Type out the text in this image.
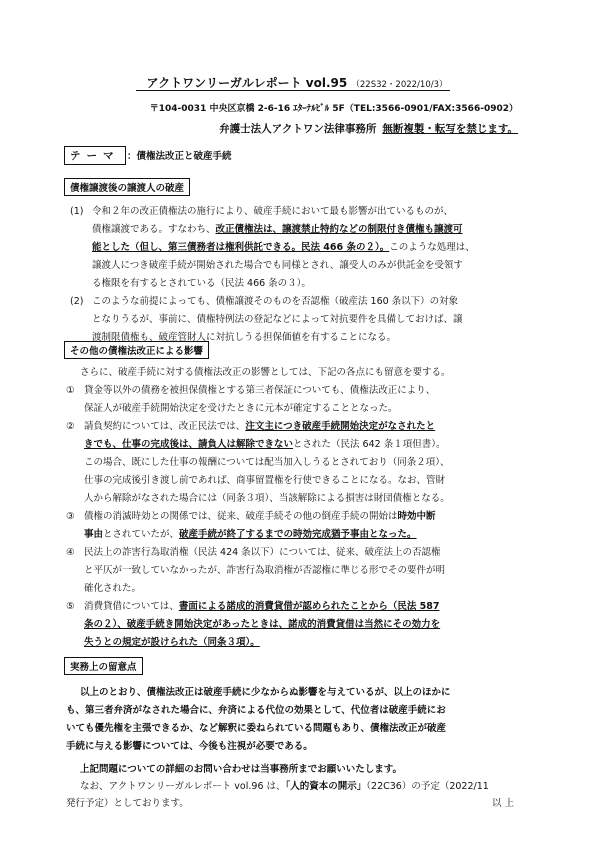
アクトワンリーガルレポート vol.95 （22S32・2022/10/3）
〒104-0031 中央区京橋 2-6-16 ｴﾀｰﾅﾙﾋﾞﾙ 5F（TEL:3566-0901/FAX:3566-0902）
弁護士法人アクトワン法律事務所 無断複製・転写を禁じます。
テーマ ：債権法改正と破産手続
債権譲渡後の譲渡人の破産
(1) 令和２年の改正債権法の施行により、破産手続において最も影響が出ているものが、
債権譲渡である。すなわち、改正債権法は、譲渡禁止特約などの制限付き債権も譲渡可
能とした（但し、第三債務者は権利供託できる。民法 466 条の２）。このような処理は、
譲渡人につき破産手続が開始された場合でも同様とされ、譲受人のみが供託金を受領す
る権限を有するとされている（民法 466 条の３）。
(2) このような前提によっても、債権譲渡そのものを否認権（破産法 160 条以下）の対象
となりうるが、事前に、債権特例法の登記などによって対抗要件を具備しておけば、譲
渡制限債権も、破産管財人に対抗しうる担保価値を有することになる。
その他の債権法改正による影響
さらに、破産手続に対する債権法改正の影響としては、下記の各点にも留意を要する。
① 貸金等以外の債務を被担保債権とする第三者保証についても、債権法改正により、
保証人が破産手続開始決定を受けたときに元本が確定することとなった。
② 請負契約については、改正民法では、注文主につき破産手続開始決定がなされたと
きでも、仕事の完成後は、請負人は解除できないとされた（民法 642 条１項但書）。
この場合、既にした仕事の報酬については配当加入しうるとされており（同条２項）、
仕事の完成後引き渡し前であれば、商事留置権を行使できることになる。なお、管財
人から解除がなされた場合には（同条３項）、当該解除による損害は財団債権となる。
③ 債権の消滅時効との関係では、従来、破産手続その他の倒産手続の開始は時効中断
事由とされていたが、破産手続が終了するまでの時効完成猶予事由となった。
④ 民法上の詐害行為取消権（民法 424 条以下）については、従来、破産法上の否認権
と平仄が一致していなかったが、詐害行為取消権が否認権に準じる形でその要件が明
確化された。
⑤ 消費貸借については、書面による諾成的消費貸借が認められたことから（民法 587
条の２）、破産手続き開始決定があったときは、諾成的消費貸借は当然にその効力を
失うとの規定が設けられた（同条３項）。
実務上の留意点
以上のとおり、債権法改正は破産手続に少なからぬ影響を与えているが、以上のほかに
も、第三者弁済がなされた場合に、弁済による代位の効果として、代位者は破産手続にお
いても優先権を主張できるか、など解釈に委ねられている問題もあり、債権法改正が破産
手続に与える影響については、今後も注視が必要である。
上記問題についての詳細のお問い合わせは当事務所までお願いいたします。
なお、アクトワンリーガルレポート vol.96 は、「人的資本の開示」（22C36）の予定（2022/11
発行予定）としております。	以 上
